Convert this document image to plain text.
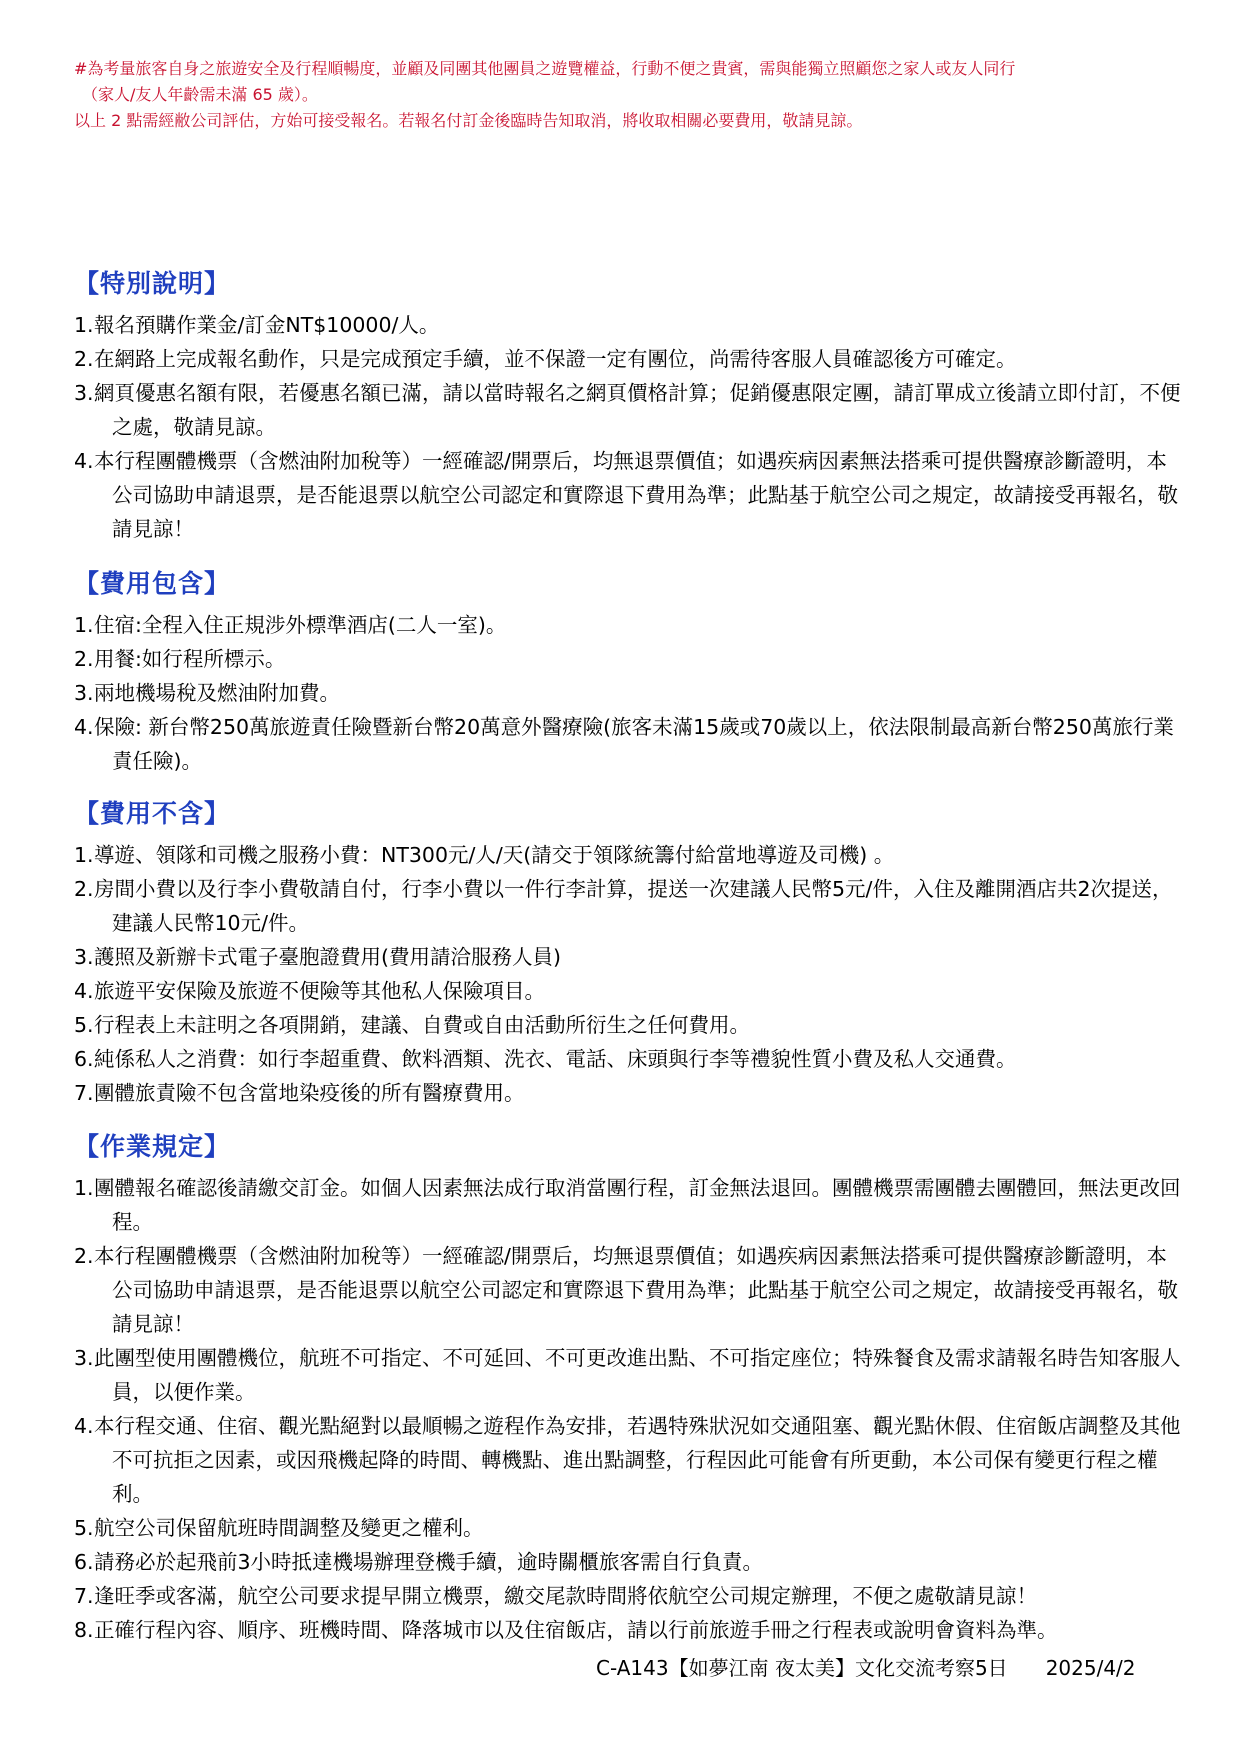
#為考量旅客自身之旅遊安全及行程順暢度，並顧及同團其他團員之遊覽權益，行動不便之貴賓，需與能獨立照顧您之家人或友人同行

（家人/友人年齡需未滿 65 歲）。

以上 2 點需經敝公司評估，方始可接受報名。若報名付訂金後臨時告知取消，將收取相關必要費用，敬請見諒。

【特別說明】
1.報名預購作業金/訂金NT$10000/人。
2.在網路上完成報名動作，只是完成預定手續，並不保證一定有團位，尚需待客服人員確認後方可確定。
3.網頁優惠名額有限，若優惠名額已滿，請以當時報名之網頁價格計算；促銷優惠限定團，請訂單成立後請立即付訂，不便之處，敬請見諒。
4.本行程團體機票（含燃油附加稅等）一經確認/開票后，均無退票價值；如遇疾病因素無法搭乘可提供醫療診斷證明，本公司協助申請退票，是否能退票以航空公司認定和實際退下費用為準；此點基于航空公司之規定，故請接受再報名，敬請見諒！
【費用包含】
1.住宿:全程入住正規涉外標準酒店(二人一室)。
2.用餐:如行程所標示。
3.兩地機場稅及燃油附加費。
4.保險: 新台幣250萬旅遊責任險暨新台幣20萬意外醫療險(旅客未滿15歲或70歲以上，依法限制最高新台幣250萬旅行業責任險)。
【費用不含】
1.導遊、領隊和司機之服務小費：NT300元/人/天(請交于領隊統籌付給當地導遊及司機) 。
2.房間小費以及行李小費敬請自付，行李小費以一件行李計算，提送一次建議人民幣5元/件，入住及離開酒店共2次提送，建議人民幣10元/件。
3.護照及新辦卡式電子臺胞證費用(費用請洽服務人員)
4.旅遊平安保險及旅遊不便險等其他私人保險項目。
5.行程表上未註明之各項開銷，建議、自費或自由活動所衍生之任何費用。
6.純係私人之消費：如行李超重費、飲料酒類、洗衣、電話、床頭與行李等禮貌性質小費及私人交通費。
7.團體旅責險不包含當地染疫後的所有醫療費用。
【作業規定】
1.團體報名確認後請繳交訂金。如個人因素無法成行取消當團行程，訂金無法退回。團體機票需團體去團體回，無法更改回程。
2.本行程團體機票（含燃油附加稅等）一經確認/開票后，均無退票價值；如遇疾病因素無法搭乘可提供醫療診斷證明，本公司協助申請退票，是否能退票以航空公司認定和實際退下費用為準；此點基于航空公司之規定，故請接受再報名，敬請見諒！
3.此團型使用團體機位，航班不可指定、不可延回、不可更改進出點、不可指定座位；特殊餐食及需求請報名時告知客服人員，以便作業。
4.本行程交通、住宿、觀光點絕對以最順暢之遊程作為安排，若遇特殊狀況如交通阻塞、觀光點休假、住宿飯店調整及其他不可抗拒之因素，或因飛機起降的時間、轉機點、進出點調整，行程因此可能會有所更動，本公司保有變更行程之權利。
5.航空公司保留航班時間調整及變更之權利。
6.請務必於起飛前3小時抵達機場辦理登機手續，逾時關櫃旅客需自行負責。
7.逢旺季或客滿，航空公司要求提早開立機票，繳交尾款時間將依航空公司規定辦理，不便之處敬請見諒！
8.正確行程內容、順序、班機時間、降落城市以及住宿飯店，請以行前旅遊手冊之行程表或說明會資料為準。
C-A143【如夢江南 夜太美】文化交流考察5日 2025/4/2
